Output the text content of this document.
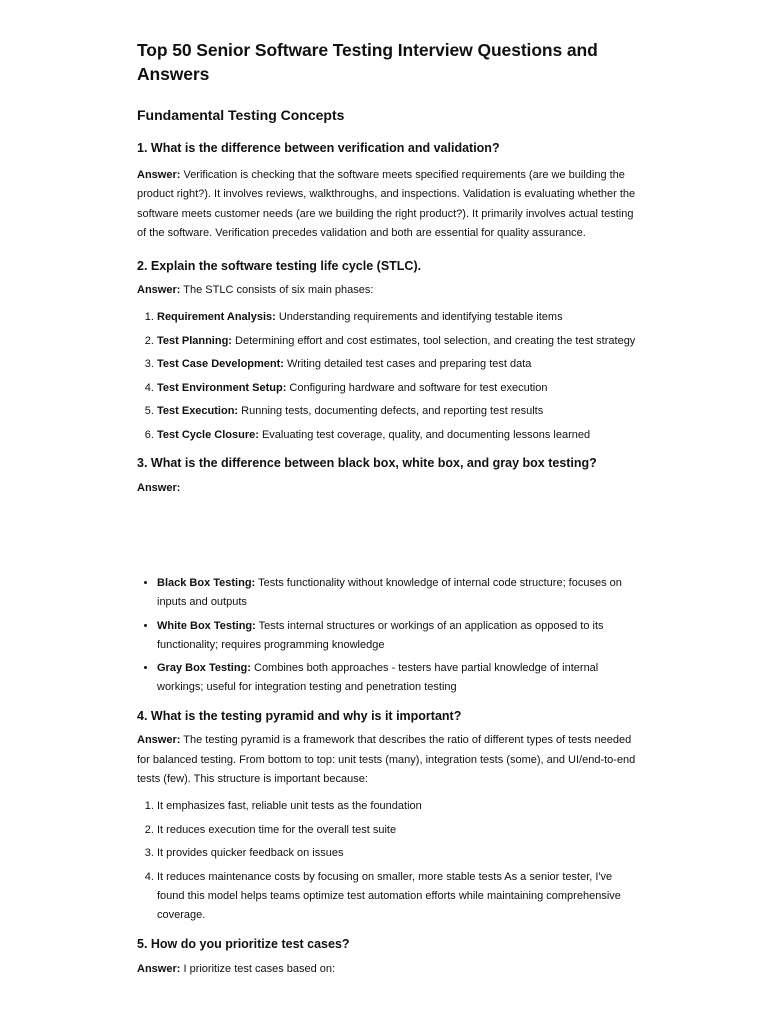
Top 50 Senior Software Testing Interview Questions and Answers
Fundamental Testing Concepts
1. What is the difference between verification and validation?

Answer: Verification is checking that the software meets specified requirements (are we building the product right?). It involves reviews, walkthroughs, and inspections. Validation is evaluating whether the software meets customer needs (are we building the right product?). It primarily involves actual testing of the software. Verification precedes validation and both are essential for quality assurance.

2. Explain the software testing life cycle (STLC).

Answer: The STLC consists of six main phases:

1. Requirement Analysis: Understanding requirements and identifying testable items
2. Test Planning: Determining effort and cost estimates, tool selection, and creating the test strategy
3. Test Case Development: Writing detailed test cases and preparing test data
4. Test Environment Setup: Configuring hardware and software for test execution
5. Test Execution: Running tests, documenting defects, and reporting test results
6. Test Cycle Closure: Evaluating test coverage, quality, and documenting lessons learned
3. What is the difference between black box, white box, and gray box testing?

Answer:

• Black Box Testing: Tests functionality without knowledge of internal code structure; focuses on inputs and outputs
• White Box Testing: Tests internal structures or workings of an application as opposed to its functionality; requires programming knowledge
• Gray Box Testing: Combines both approaches - testers have partial knowledge of internal workings; useful for integration testing and penetration testing
4. What is the testing pyramid and why is it important?

Answer: The testing pyramid is a framework that describes the ratio of different types of tests needed for balanced testing. From bottom to top: unit tests (many), integration tests (some), and UI/end-to-end tests (few). This structure is important because:

1. It emphasizes fast, reliable unit tests as the foundation
2. It reduces execution time for the overall test suite
3. It provides quicker feedback on issues
4. It reduces maintenance costs by focusing on smaller, more stable tests As a senior tester, I've found this model helps teams optimize test automation efforts while maintaining comprehensive coverage.
5. How do you prioritize test cases?

Answer: I prioritize test cases based on:
